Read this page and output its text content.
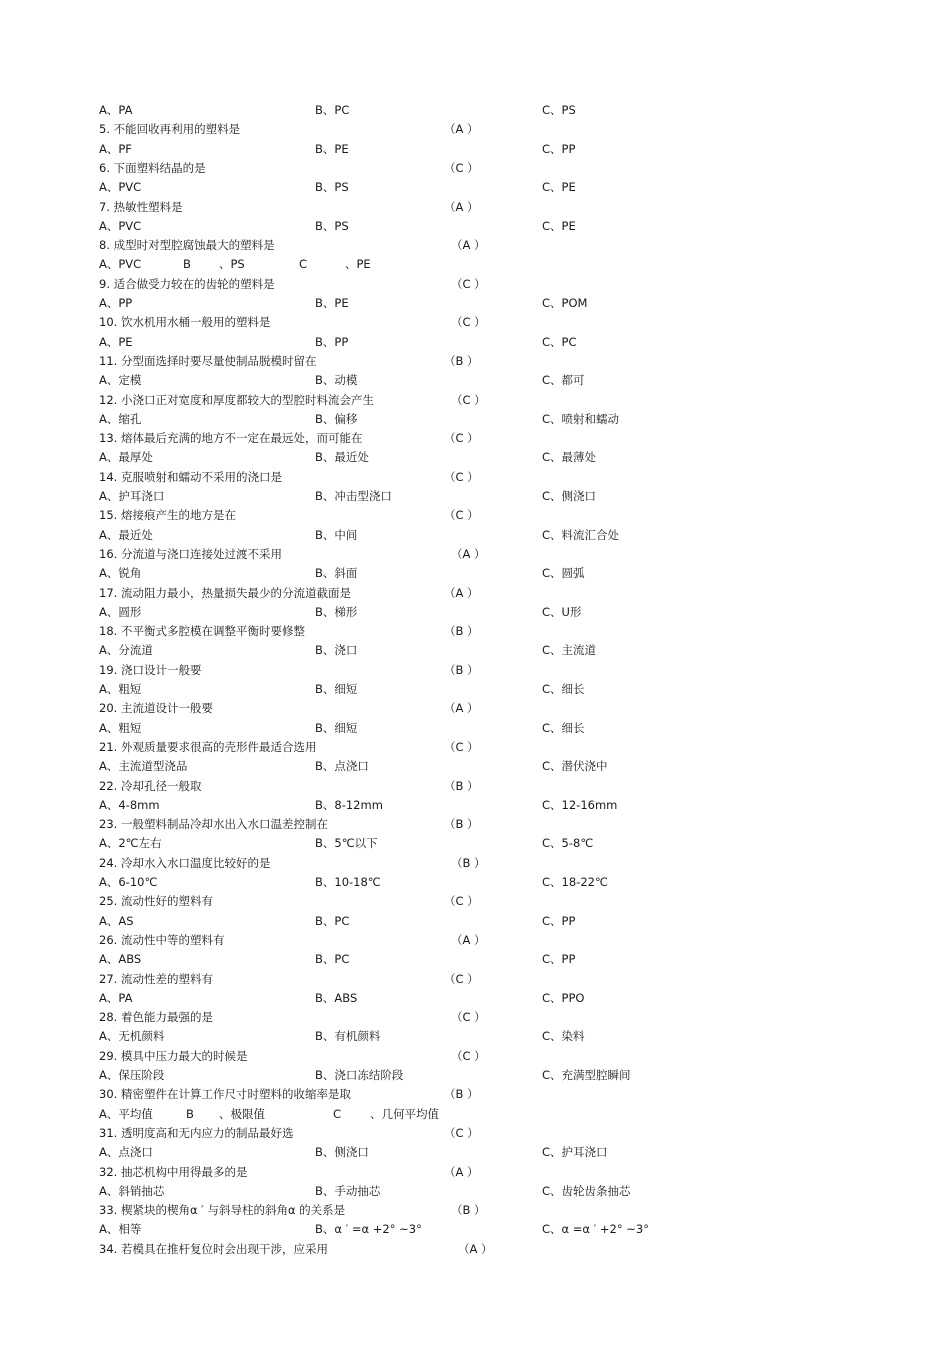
A、PA	B、PC	C、PS
5. 不能回收再利用的塑料是	（A ）
A、PF	B、PE	C、PP
6. 下面塑料结晶的是	（C ）
A、PVC	B、PS	C、PE
7. 热敏性塑料是	（A ）
A、PVC	B、PS	C、PE
8. 成型时对型腔腐蚀最大的塑料是	（A ）
A、PVC	B 、PS	C	、PE
9. 适合做受力较在的齿轮的塑料是	（C ）
A、PP	B、PE	C、POM
10. 饮水机用水桶一般用的塑料是	（C ）
A、PE	B、PP	C、PC
11. 分型面选择时要尽量使制品脱模时留在	（B ）
A、定模	B、动模	C、都可
12. 小浇口正对宽度和厚度都较大的型腔时料流会产生	（C ）
A、缩孔	B、偏移	C、喷射和蠕动
13. 熔体最后充满的地方不一定在最远处，而可能在	（C ）
A、最厚处	B、最近处	C、最薄处
14. 克服喷射和蠕动不采用的浇口是	（C ）
A、护耳浇口	B、冲击型浇口	C、侧浇口
15. 熔接痕产生的地方是在	（C ）
A、最近处	B、中间	C、料流汇合处
16. 分流道与浇口连接处过渡不采用	（A ）
A、锐角	B、斜面	C、圆弧
17. 流动阻力最小，热量损失最少的分流道截面是	（A ）
A、圆形	B、梯形	C、U形
18. 不平衡式多腔模在调整平衡时要修整	（B ）
A、分流道	B、浇口	C、主流道
19. 浇口设计一般要	（B ）
A、粗短	B、细短	C、细长
20. 主流道设计一般要	（A ）
A、粗短	B、细短	C、细长
21. 外观质量要求很高的壳形件最适合选用	（C ）
A、主流道型浇品	B、点浇口	C、潜伏浇中
22. 冷却孔径一般取	（B ）
A、4-8mm	B、8-12mm	C、12-16mm
23. 一般塑料制品冷却水出入水口温差控制在	（B ）
A、2℃左右	B、5℃以下	C、5-8℃
24. 冷却水入水口温度比较好的是	（B ）
A、6-10℃	B、10-18℃	C、18-22℃
25. 流动性好的塑料有	（C ）
A、AS	B、PC	C、PP
26. 流动性中等的塑料有	（A ）
A、ABS	B、PC	C、PP
27. 流动性差的塑料有	（C ）
A、PA	B、ABS	C、PPO
28. 着色能力最强的是	（C ）
A、无机颜料	B、有机颜料	C、染料
29. 模具中压力最大的时候是	（C ）
A、保压阶段	B、浇口冻结阶段	C、充满型腔瞬间
30. 精密塑件在计算工作尺寸时塑料的收缩率是取	（B ）
A、平均值	B 、极限值	C	、几何平均值
31. 透明度高和无内应力的制品最好选	（C ）
A、点浇口	B、侧浇口	C、护耳浇口
32. 抽芯机构中用得最多的是	（A ）
A、斜销抽芯	B、手动抽芯	C、齿轮齿条抽芯
33. 楔紧块的楔角α ′ 与斜导柱的斜角α 的关系是	（B ）
A、相等	B、α ′ =α +2° ~3°	C、α =α ′ +2° ~3°
34. 若模具在推杆复位时会出现干涉，应采用	（A ）
